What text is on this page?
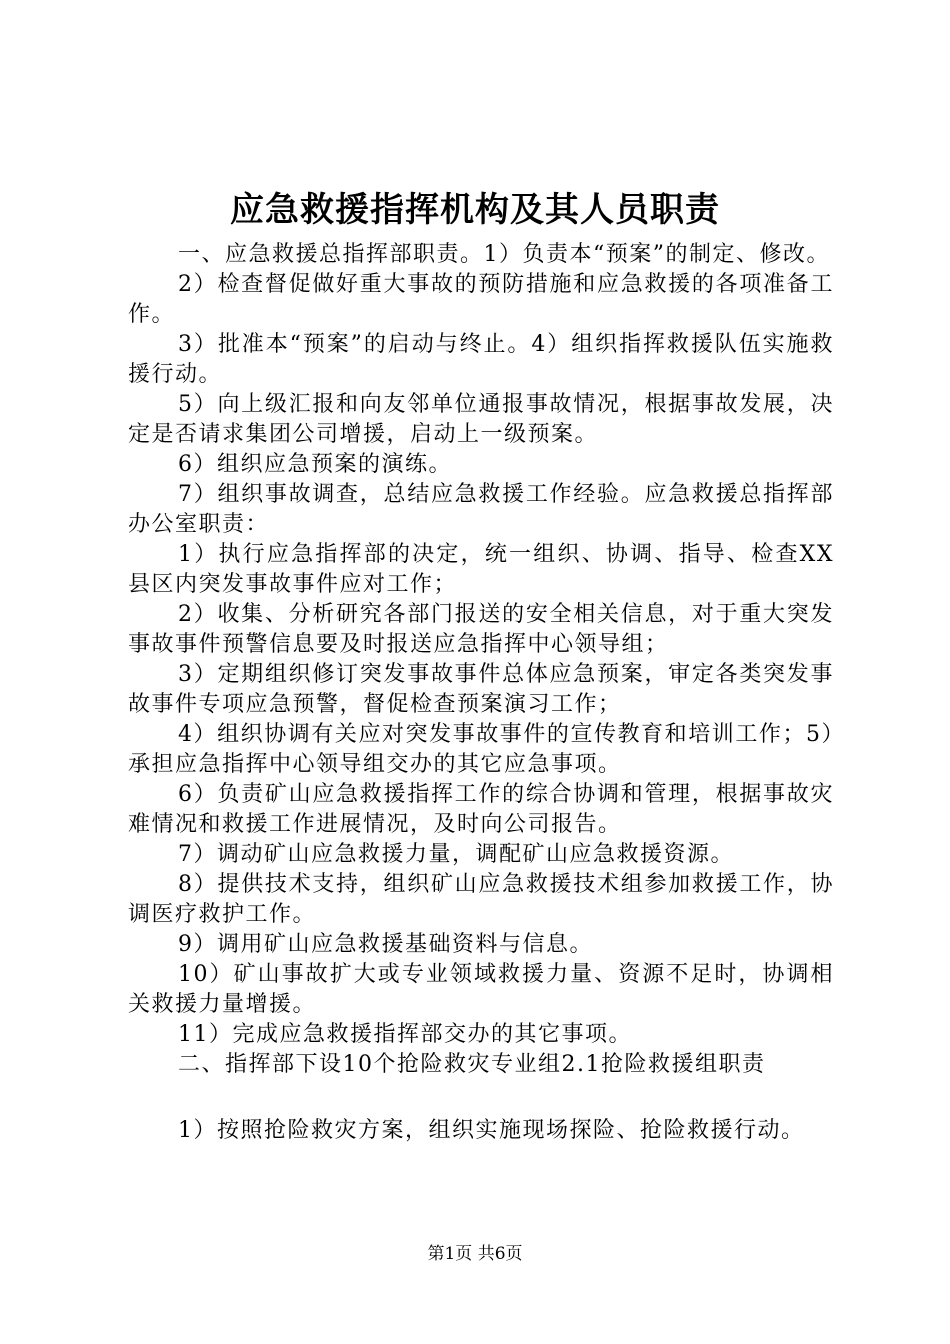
应急救援指挥机构及其人员职责

一、应急救援总指挥部职责。1）负责本“预案”的制定、修改。

2）检查督促做好重大事故的预防措施和应急救援的各项准备工作。

3）批准本“预案”的启动与终止。4）组织指挥救援队伍实施救援行动。

5）向上级汇报和向友邻单位通报事故情况，根据事故发展，决定是否请求集团公司增援，启动上一级预案。

6）组织应急预案的演练。

7）组织事故调查，总结应急救援工作经验。应急救援总指挥部办公室职责：

1）执行应急指挥部的决定，统一组织、协调、指导、检查XX县区内突发事故事件应对工作；

2）收集、分析研究各部门报送的安全相关信息，对于重大突发事故事件预警信息要及时报送应急指挥中心领导组；

3）定期组织修订突发事故事件总体应急预案，审定各类突发事故事件专项应急预警，督促检查预案演习工作；

4）组织协调有关应对突发事故事件的宣传教育和培训工作；5）承担应急指挥中心领导组交办的其它应急事项。

6）负责矿山应急救援指挥工作的综合协调和管理，根据事故灾难情况和救援工作进展情况，及时向公司报告。

7）调动矿山应急救援力量，调配矿山应急救援资源。

8）提供技术支持，组织矿山应急救援技术组参加救援工作，协调医疗救护工作。

9）调用矿山应急救援基础资料与信息。

10）矿山事故扩大或专业领域救援力量、资源不足时，协调相关救援力量增援。

11）完成应急救援指挥部交办的其它事项。

二、指挥部下设10个抢险救灾专业组2.1抢险救援组职责

1）按照抢险救灾方案，组织实施现场探险、抢险救援行动。

第1页 共6页
